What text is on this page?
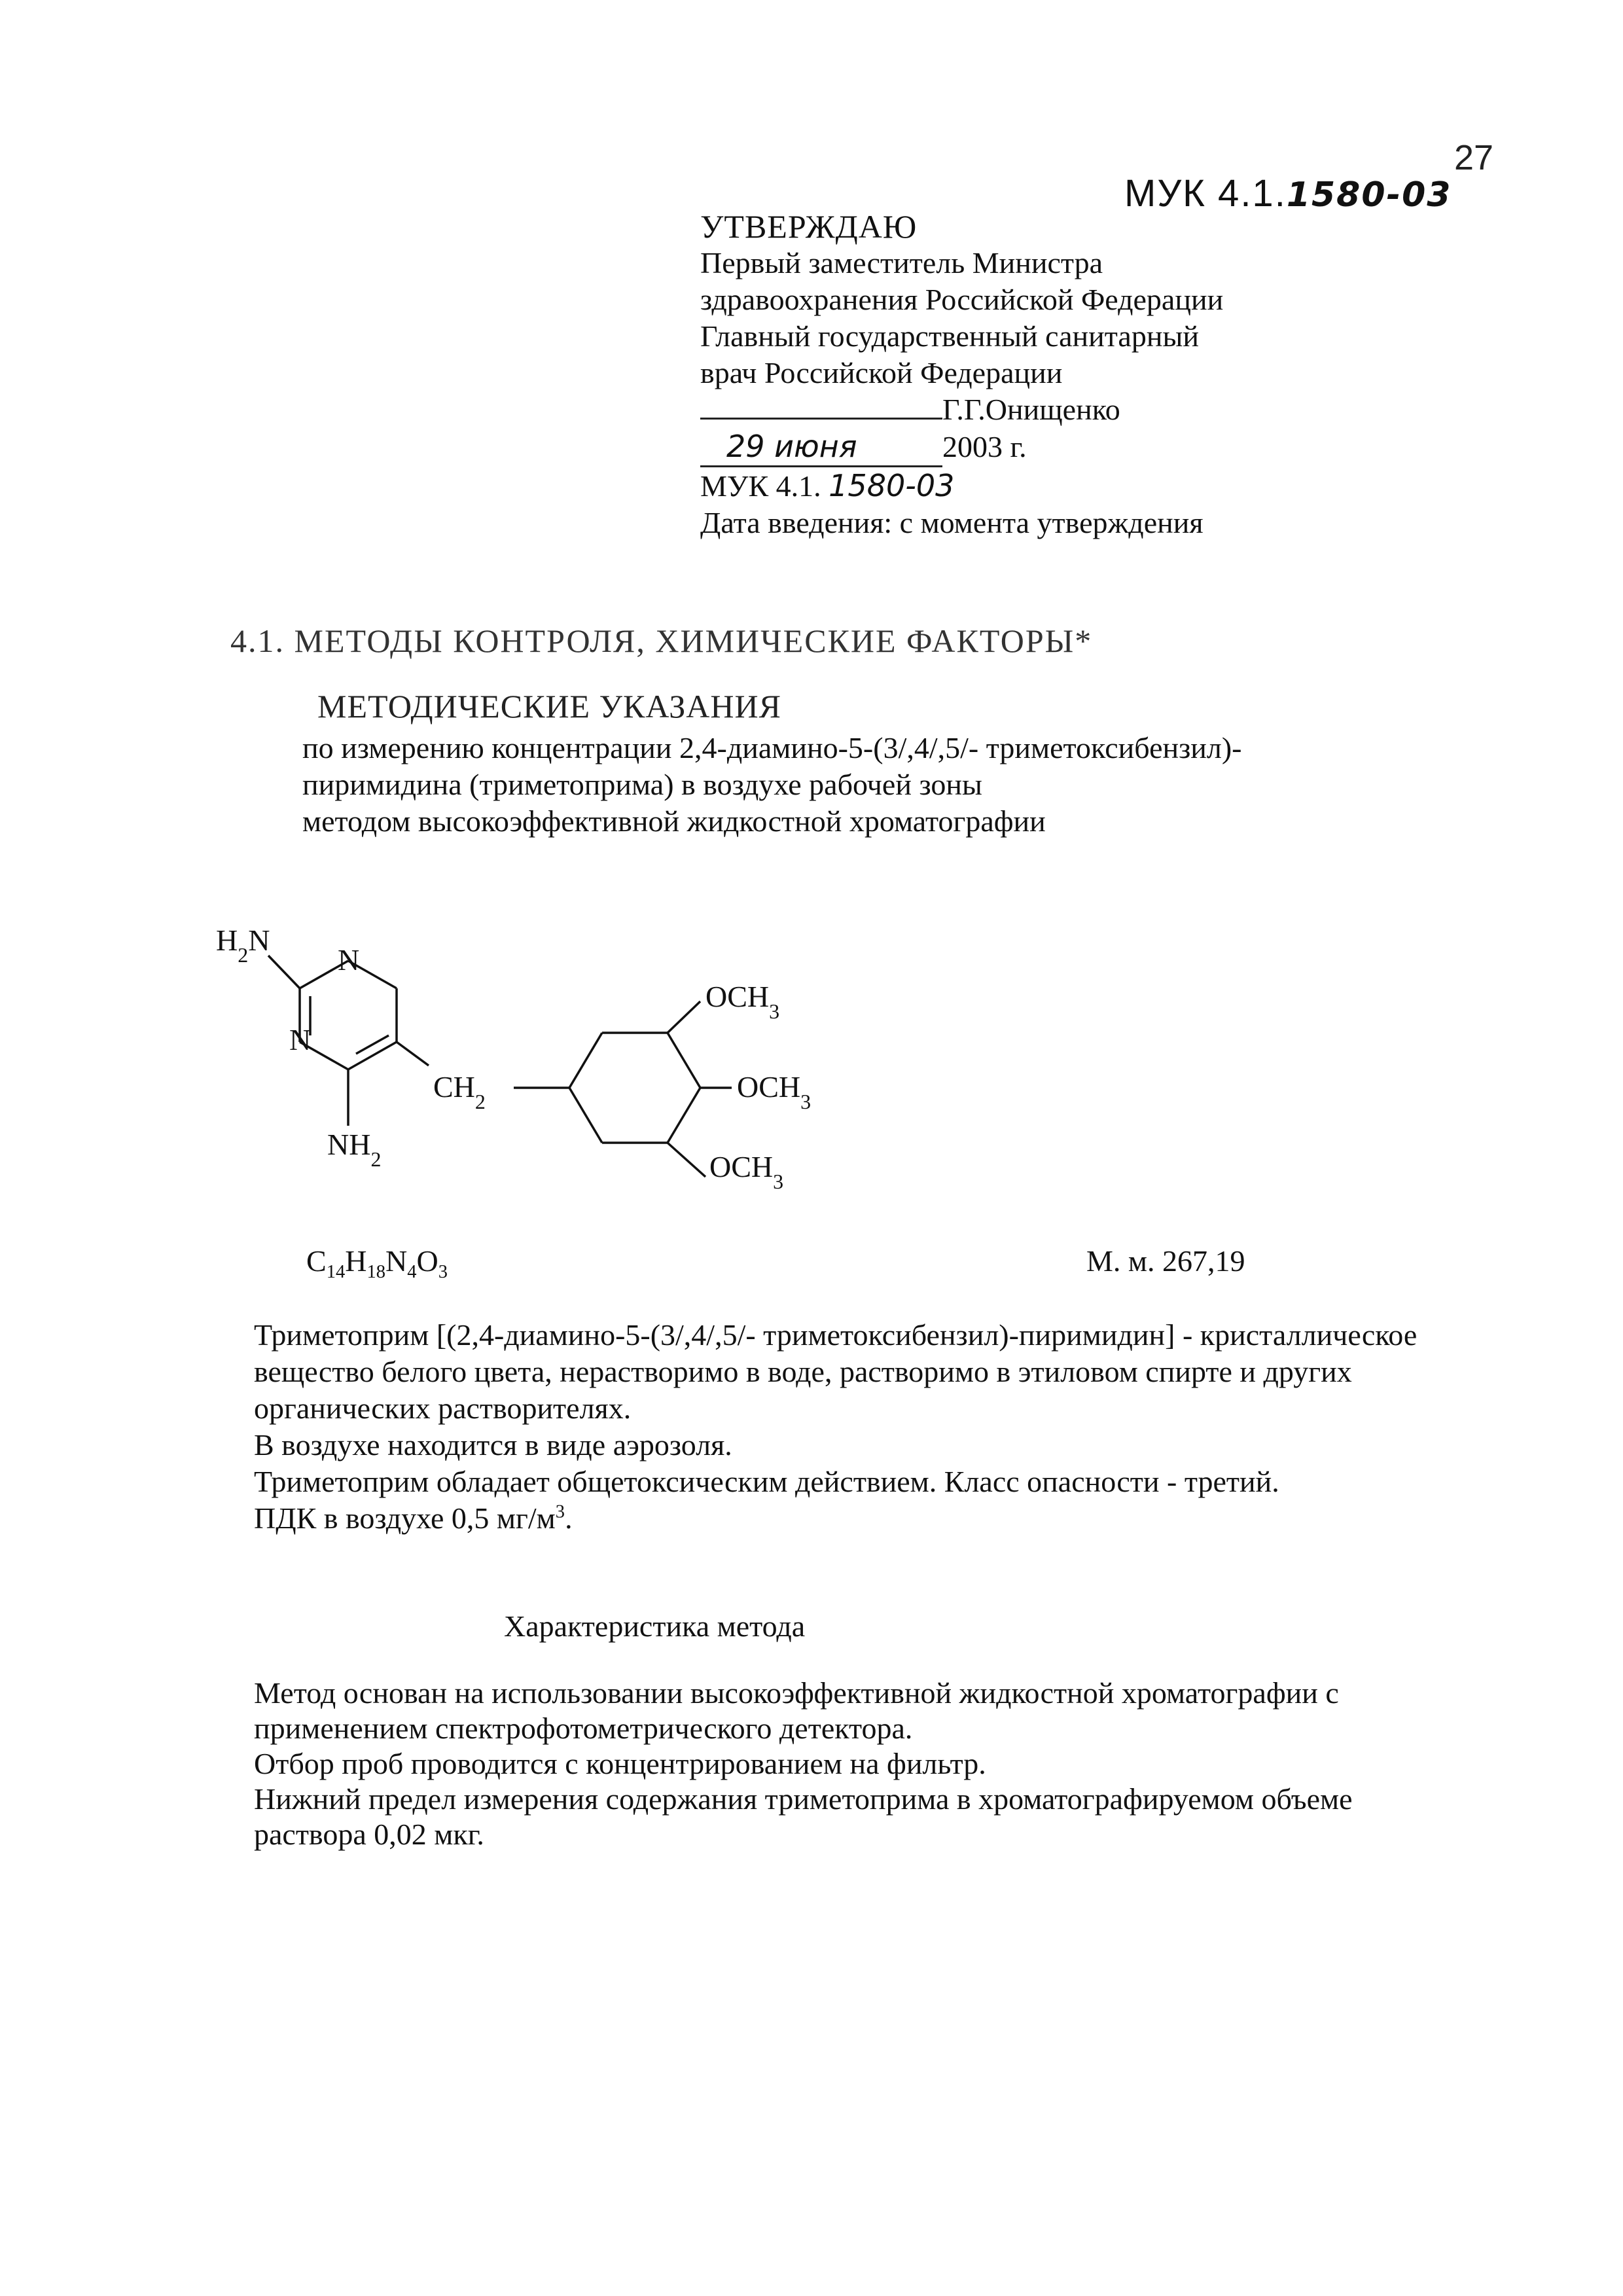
27
МУК 4.1.1580-03
УТВЕРЖДАЮ
Первый заместитель Министра
здравоохранения Российской Федерации
Главный государственный санитарный
врач Российской Федерации
Г.Г.Онищенко
29 июня	2003 г.
МУК 4.1. 1580-03
Дата введения: с момента утверждения
4.1. МЕТОДЫ КОНТРОЛЯ, ХИМИЧЕСКИЕ ФАКТОРЫ*
МЕТОДИЧЕСКИЕ УКАЗАНИЯ
по измерению концентрации 2,4-диамино-5-(3/,4/,5/- триметоксибензил)-
пиримидина (триметоприма) в воздухе рабочей зоны
методом высокоэффективной жидкостной хроматографии
$H_2N$
N
N
$NH_2$
$CH_2$
$OCH_3$
$OCH_3$
$OCH_3$
$C_{14}H_{18}N_4O_3$	М. м. 267,19

Триметоприм [(2,4-диамино-5-(3/,4/,5/- триметоксибензил)-пиримидин] - кристаллическое вещество белого цвета, нерастворимо в воде, растворимо в этиловом спирте и других органических растворителях.

В воздухе находится в виде аэрозоля.

Триметоприм обладает общетоксическим действием. Класс опасности - третий.

ПДК в воздухе 0,5 $мг/м^3$.

Характеристика метода

Метод основан на использовании высокоэффективной жидкостной хроматографии с применением спектрофотометрического детектора.

Отбор проб проводится с концентрированием на фильтр.

Нижний предел измерения содержания триметоприма в хроматографируемом объеме раствора 0,02 мкг.
